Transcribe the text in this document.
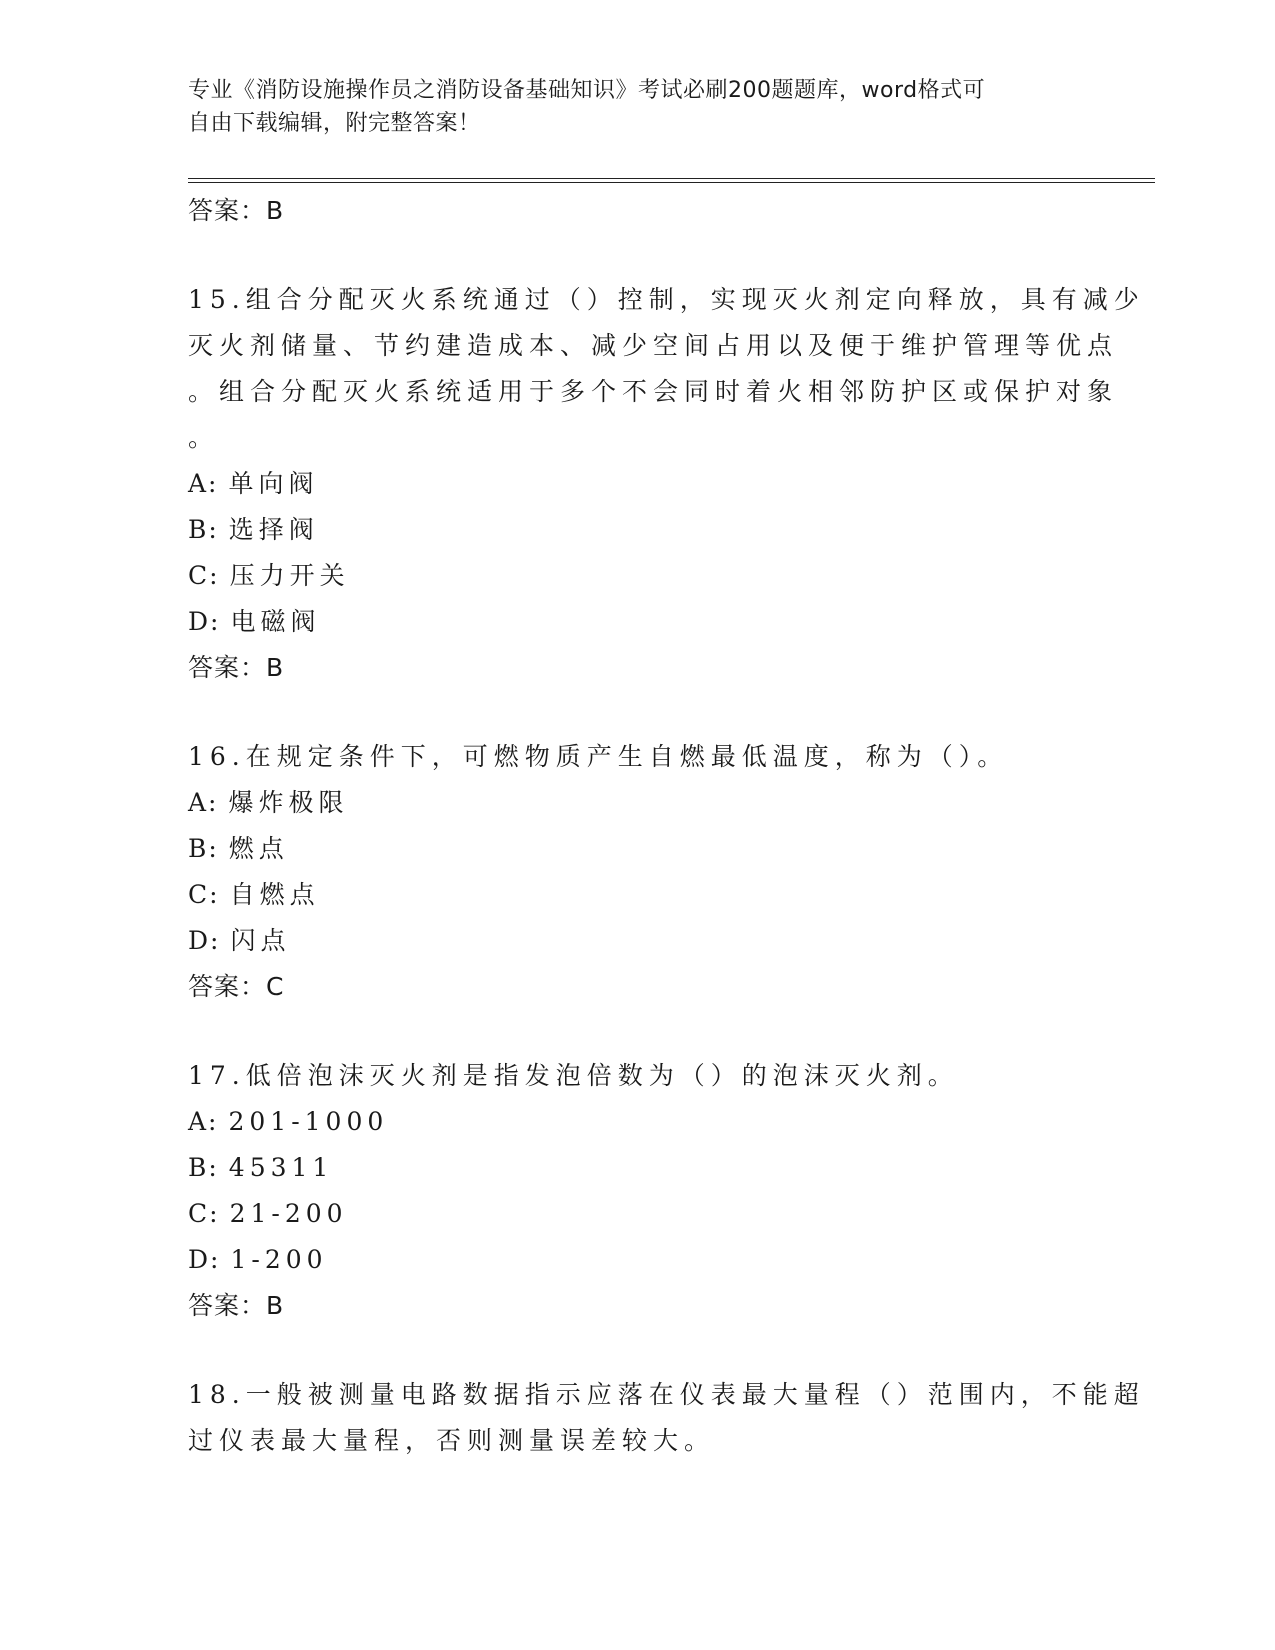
专业《消防设施操作员之消防设备基础知识》考试必刷200题题库，word格式可
自由下载编辑，附完整答案！
答案：B
15.组合分配灭火系统通过（）控制，实现灭火剂定向释放，具有减少
灭火剂储量、节约建造成本、减少空间占用以及便于维护管理等优点
。组合分配灭火系统适用于多个不会同时着火相邻防护区或保护对象
。
A: 单向阀
B: 选择阀
C: 压力开关
D: 电磁阀
答案：B
16.在规定条件下，可燃物质产生自燃最低温度，称为（）。
A: 爆炸极限
B: 燃点
C: 自燃点
D: 闪点
答案：C
17.低倍泡沫灭火剂是指发泡倍数为（）的泡沫灭火剂。
A: 201-1000
B: 45311
C: 21-200
D: 1-200
答案：B
18.一般被测量电路数据指示应落在仪表最大量程（）范围内，不能超
过仪表最大量程，否则测量误差较大。
